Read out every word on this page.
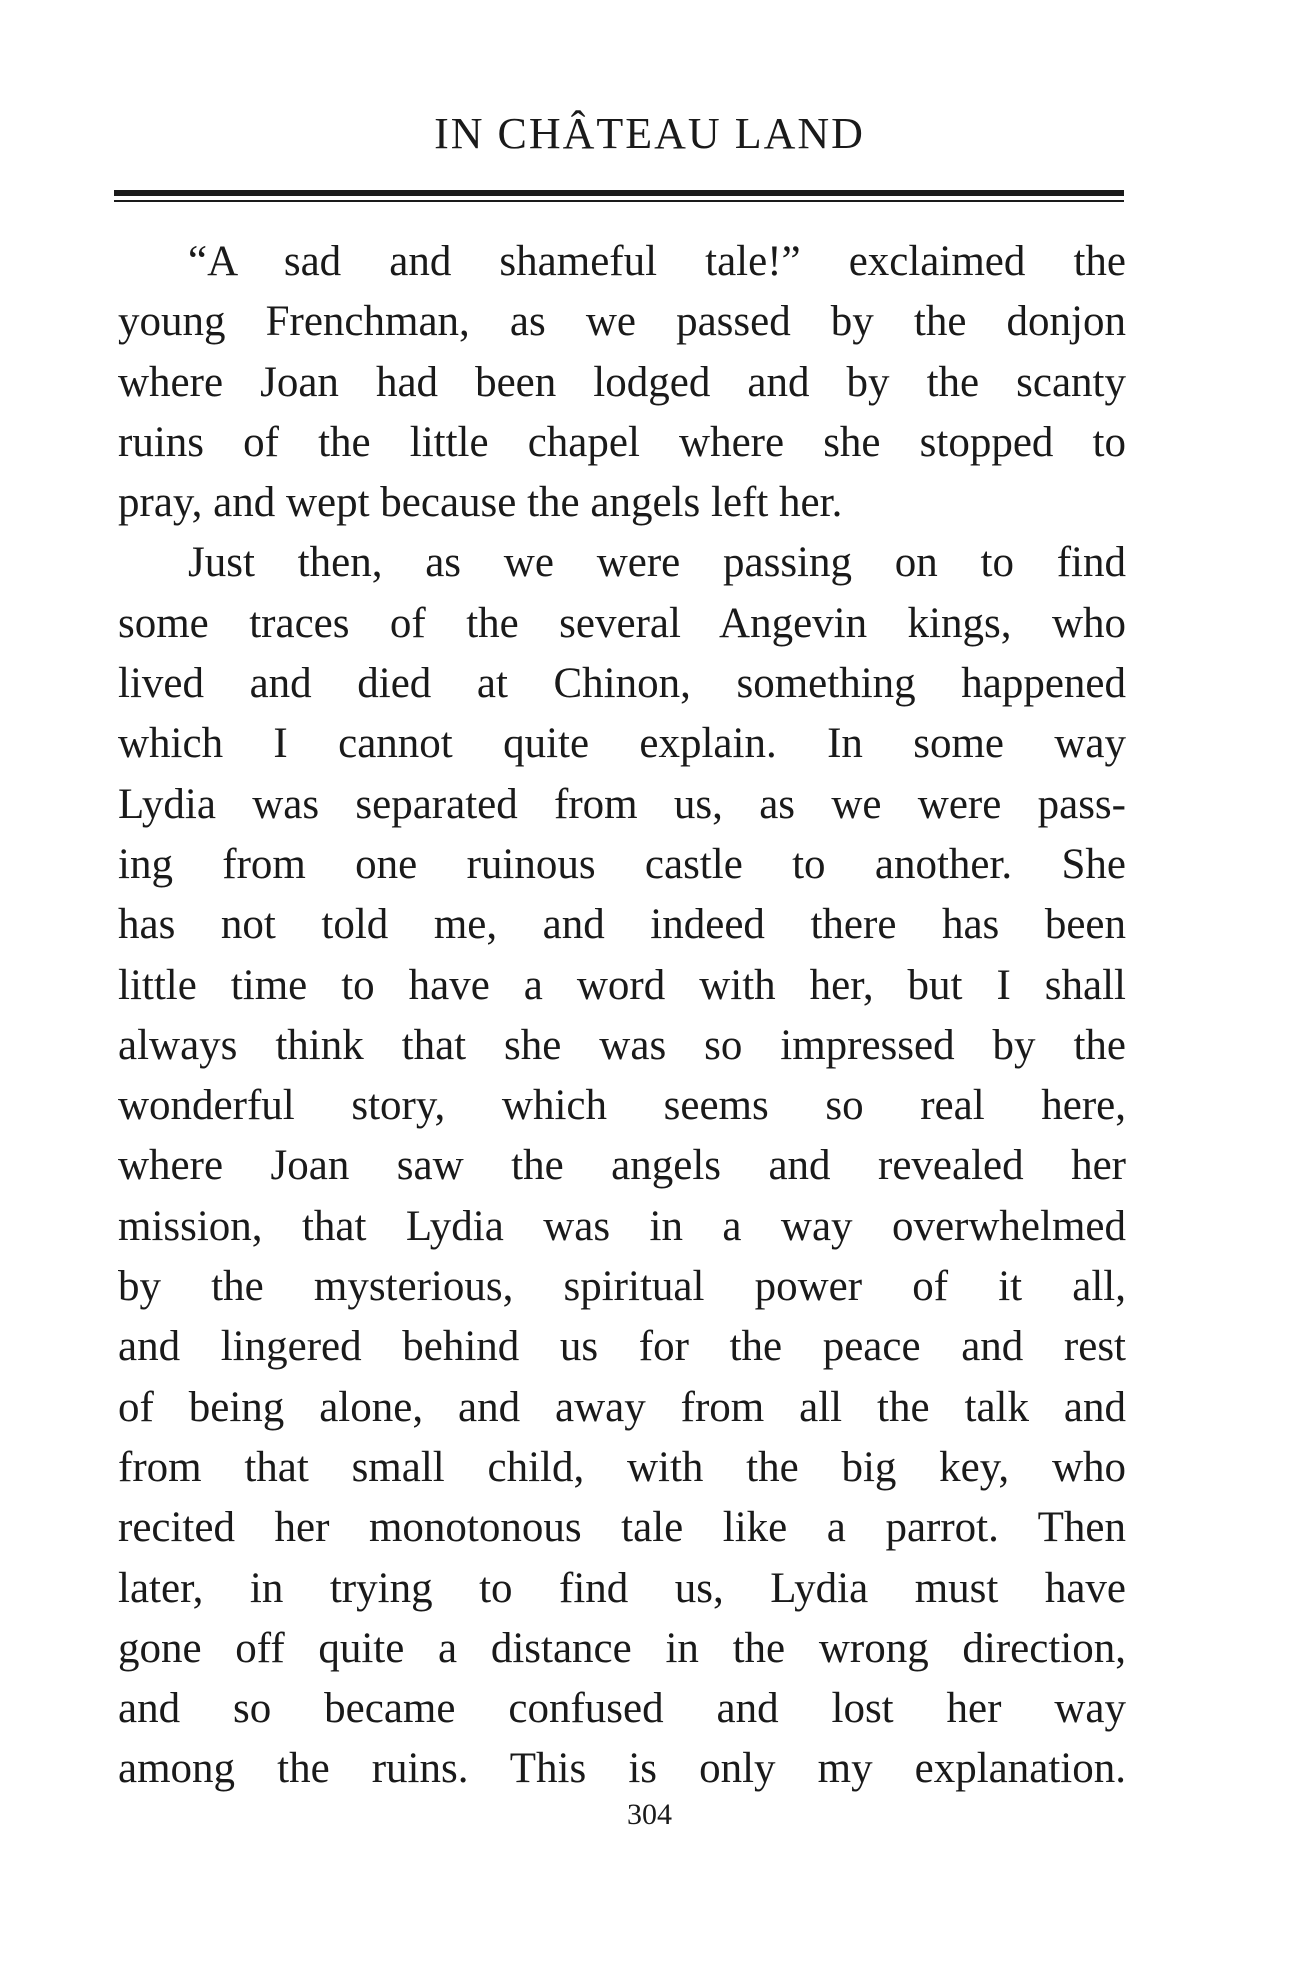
IN CHÂTEAU LAND
“A sad and shameful tale!” exclaimed the
young Frenchman, as we passed by the donjon
where Joan had been lodged and by the scanty
ruins of the little chapel where she stopped to
pray, and wept because the angels left her.
Just then, as we were passing on to find
some traces of the several Angevin kings, who
lived and died at Chinon, something happened
which I cannot quite explain. In some way
Lydia was separated from us, as we were pass-
ing from one ruinous castle to another. She
has not told me, and indeed there has been
little time to have a word with her, but I shall
always think that she was so impressed by the
wonderful story, which seems so real here,
where Joan saw the angels and revealed her
mission, that Lydia was in a way overwhelmed
by the mysterious, spiritual power of it all,
and lingered behind us for the peace and rest
of being alone, and away from all the talk and
from that small child, with the big key, who
recited her monotonous tale like a parrot. Then
later, in trying to find us, Lydia must have
gone off quite a distance in the wrong direction,
and so became confused and lost her way
among the ruins. This is only my explanation.
304
